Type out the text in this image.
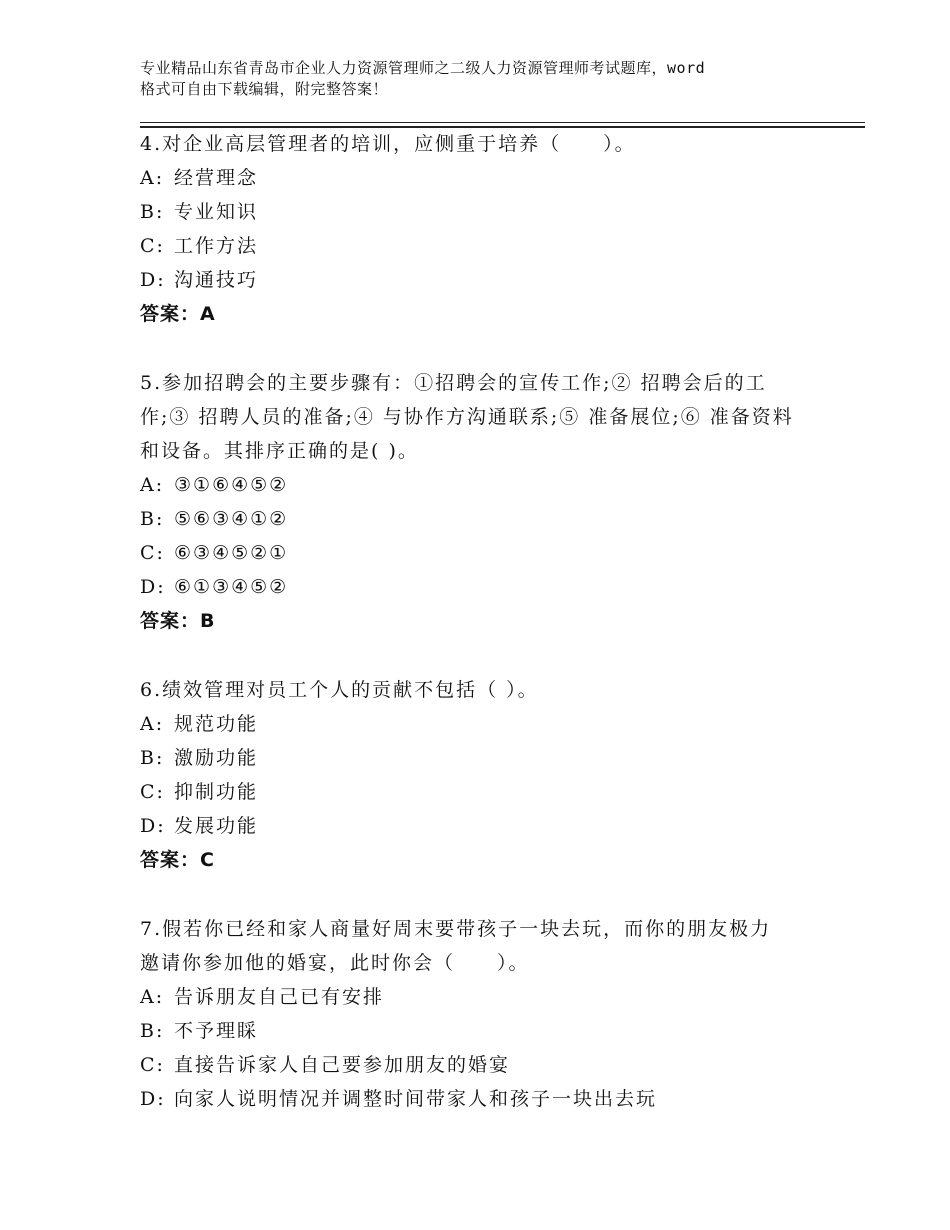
专业精品山东省青岛市企业人力资源管理师之二级人力资源管理师考试题库，word
格式可自由下载编辑，附完整答案！
4.对企业高层管理者的培训，应侧重于培养（　　）。
A: 经营理念
B: 专业知识
C: 工作方法
D: 沟通技巧
答案：A
5.参加招聘会的主要步骤有：①招聘会的宣传工作;② 招聘会后的工
作;③ 招聘人员的准备;④ 与协作方沟通联系;⑤ 准备展位;⑥ 准备资料
和设备。其排序正确的是( )。
A: ③①⑥④⑤②
B: ⑤⑥③④①②
C: ⑥③④⑤②①
D: ⑥①③④⑤②
答案：B
6.绩效管理对员工个人的贡献不包括（ ）。
A: 规范功能
B: 激励功能
C: 抑制功能
D: 发展功能
答案：C
7.假若你已经和家人商量好周末要带孩子一块去玩，而你的朋友极力
邀请你参加他的婚宴，此时你会（　　）。
A: 告诉朋友自己已有安排
B: 不予理睬
C: 直接告诉家人自己要参加朋友的婚宴
D: 向家人说明情况并调整时间带家人和孩子一块出去玩
